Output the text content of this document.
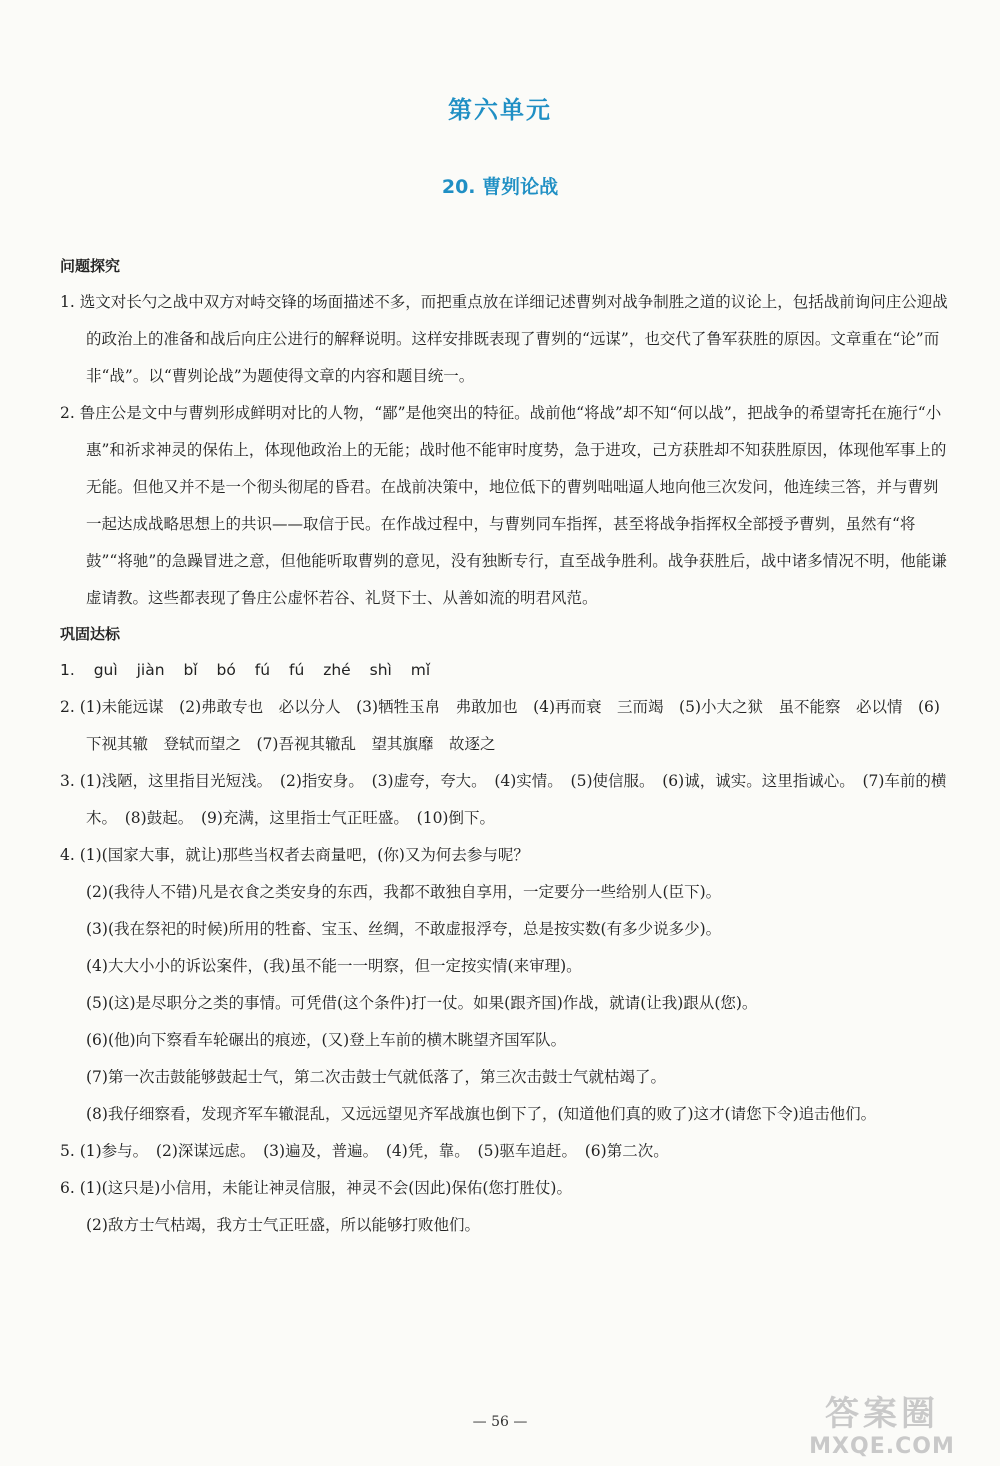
第六单元
20. 曹刿论战
问题探究
1. 选文对长勺之战中双方对峙交锋的场面描述不多，而把重点放在详细记述曹刿对战争制胜之道的议论上，包括战前询问庄公迎战的政治上的准备和战后向庄公进行的解释说明。这样安排既表现了曹刿的“远谋”，也交代了鲁军获胜的原因。文章重在“论”而非“战”。以“曹刿论战”为题使得文章的内容和题目统一。
2. 鲁庄公是文中与曹刿形成鲜明对比的人物，“鄙”是他突出的特征。战前他“将战”却不知“何以战”，把战争的希望寄托在施行“小惠”和祈求神灵的保佑上，体现他政治上的无能；战时他不能审时度势，急于进攻，己方获胜却不知获胜原因，体现他军事上的无能。但他又并不是一个彻头彻尾的昏君。在战前决策中，地位低下的曹刿咄咄逼人地向他三次发问，他连续三答，并与曹刿一起达成战略思想上的共识——取信于民。在作战过程中，与曹刿同车指挥，甚至将战争指挥权全部授予曹刿，虽然有“将鼓”“将驰”的急躁冒进之意，但他能听取曹刿的意见，没有独断专行，直至战争胜利。战争获胜后，战中诸多情况不明，他能谦虚请教。这些都表现了鲁庄公虚怀若谷、礼贤下士、从善如流的明君风范。
巩固达标
1. guì jiàn bǐ bó fú fú zhé shì mǐ
2. (1)未能远谋　(2)弗敢专也　必以分人　(3)牺牲玉帛　弗敢加也　(4)再而衰　三而竭　(5)小大之狱　虽不能察　必以情　(6)下视其辙　登轼而望之　(7)吾视其辙乱　望其旗靡　故逐之
3. (1)浅陋，这里指目光短浅。　(2)指安身。　(3)虚夸，夸大。　(4)实情。　(5)使信服。　(6)诚，诚实。这里指诚心。　(7)车前的横木。　(8)鼓起。　(9)充满，这里指士气正旺盛。　(10)倒下。
4. (1)(国家大事，就让)那些当权者去商量吧，(你)又为何去参与呢？
(2)(我待人不错)凡是衣食之类安身的东西，我都不敢独自享用，一定要分一些给别人(臣下)。
(3)(我在祭祀的时候)所用的牲畜、宝玉、丝绸，不敢虚报浮夸，总是按实数(有多少说多少)。
(4)大大小小的诉讼案件，(我)虽不能一一明察，但一定按实情(来审理)。
(5)(这)是尽职分之类的事情。可凭借(这个条件)打一仗。如果(跟齐国)作战，就请(让我)跟从(您)。
(6)(他)向下察看车轮碾出的痕迹，(又)登上车前的横木眺望齐国军队。
(7)第一次击鼓能够鼓起士气，第二次击鼓士气就低落了，第三次击鼓士气就枯竭了。
(8)我仔细察看，发现齐军车辙混乱，又远远望见齐军战旗也倒下了，(知道他们真的败了)这才(请您下令)追击他们。
5. (1)参与。　(2)深谋远虑。　(3)遍及，普遍。　(4)凭，靠。　(5)驱车追赶。　(6)第二次。
6. (1)(这只是)小信用，未能让神灵信服，神灵不会(因此)保佑(您打胜仗)。
(2)敌方士气枯竭，我方士气正旺盛，所以能够打败他们。
— 56 —	答案圈
MXQE.COM
